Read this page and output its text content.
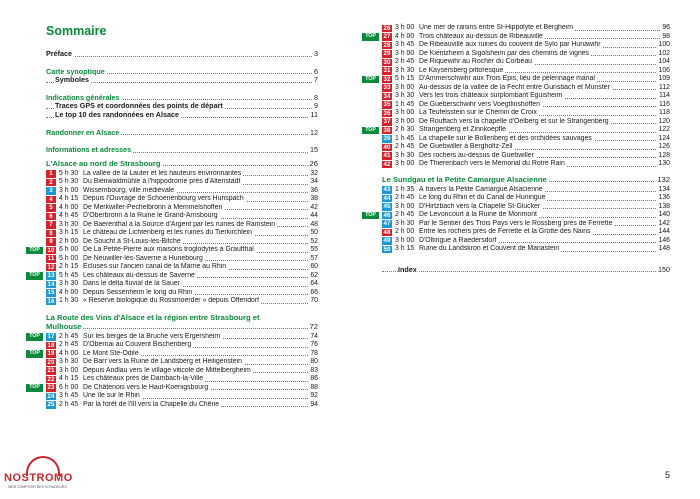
Sommaire
Préface	3
Carte synoptique	6
Symboles	7
Indications générales	8
Traces GPS et coordonnées des points de départ	9
Le top 10 des randonnées en Alsace	11
Randonner en Alsace	12
Informations et adresses	15
L'Alsace au nord de Strasbourg	26
1 5 h 30 La vallée de la Lauter et les hauteurs environnantes	32
2 5 h 30 Du Bienwaldmühle à l'hippodrome près d'Altenstadt	34
3 3 h 00 Wissembourg, ville médiévale	36
4 4 h 15 Depuis l'Ouvrage de Schoenenbourg vers Hunspach	38
5 4 h 00 De Merkwiller-Pechelbronn à Memmelshoffen	42
6 4 h 45 D'Oberbronn à la Ruine le Grand-Arnsbourg	44
7 3 h 30 De Baerenthal à la Source d'Argent par les ruines de Ramstein	48
8 3 h 15 Le château de Lichtenberg et les ruines du Tierkirchlein	50
9 2 h 00 De Soucht à St-Louis-lès-Bitche	52
TOP	10 6 h 00 De La Petite-Pierre aux maisons troglodytes à Graufthal	55
11 5 h 00 De Neuwiller-lès-Saverne à Hunebourg	57
12 2 h 15 Écluses sur l'ancien canal de la Marne au Rhin	60
TOP	13 5 h 45 Les châteaux au-dessus de Saverne	62
14 3 h 30 Dans le delta fluvial de la Sauer	64
15 4 h 00 Depuis Sessenheim le long du Rhin	66
16 1 h 30 « Réserve biologique du Rossmoerder » depuis Offendorf	70
La Route des Vins d'Alsace et la région entre Strasbourg et
Mulhouse	72
TOP	17 2 h 45 Sur les berges de la Bruche vers Ergersheim	74
18 2 h 45 D'Obernai au Couvent Bischenberg	76
TOP	19 4 h 00 Le Mont Ste-Odile	78
20 3 h 30 De Barr vers la Ruine de Landsberg et Heiligenstein	80
21 3 h 00 Depuis Andlau vers le village viticole de Mittelbergheim	83
22 4 h 15 Les châteaux près de Dambach-la-Ville	86
TOP	23 6 h 00 De Châtenois vers le Haut-Koenigsbourg	88
24 3 h 45 Une île sur le Rhin	92
25 2 h 45 Par la forêt de l'Ill vers la Chapelle du Chêne	94
26 3 h 00 Une mer de raisins entre St-Hippolyte et Bergheim	96
TOP	27 4 h 00 Trois châteaux au-dessus de Ribeauvillé	98
28 3 h 45 De Ribeauvillé aux ruines du couvent de Sylo par Hunawihr	100
29 3 h 00 De Kientzheim à Sigolsheim par des chemins de vignes	102
30 2 h 45 De Riquewihr au Rocher du Corbeau	104
31 3 h 30 Le Kaysersberg pittoresque	106
TOP	32 5 h 15 D'Ammerschwihr aux Trois Epis, lieu de pèlerinage marial	109
33 3 h 00 Au-dessus de la vallée de la Fecht entre Gunsbach et Munster	112
34 3 h 30 Vers les trois châteaux surplombant Eguisheim	114
35 1 h 45 De Gueberschwihr vers Voegtlinshoffen	116
36 3 h 00 La Teufelsstein sur le Chemin de Croix	118
37 3 h 00 De Rouffach vers la chapelle d'Oelberg et sur le Strangenberg	120
TOP	38 2 h 30 Strangenberg et Zinnkoepfle	122
39 1 h 45 La chapelle sur le Bollenberg et des orchidées sauvages	124
40 2 h 45 De Guebwiller à Bergholtz-Zell	126
41 3 h 30 Des rochers au-dessus de Guebwiller	128
42 3 h 00 De Thierenbach vers le Mémorial du Rotre Rain	130
Le Sundgau et la Petite Camargue Alsacienne	132
43 1 h 35 À travers la Petite Camargue Alsacienne	134
44 2 h 45 Le long du Rhin et du Canal de Huningue	136
45 3 h 00 D'Hirtzbach vers la Chapelle St-Glucker	138
TOP	46 2 h 45 De Levoncourt à la Ruine de Morimont	140
47 3 h 30 Par le Sentier des Trois Pays vers le Rossberg près de Ferrette	142
48 2 h 00 Entre les rochers près de Ferrette et la Grotte des Nains	144
49 3 h 00 D'Oltingue à Raedersdorf	146
50 3 h 15 Ruine du Landskron et Couvent de Mariastein	148
Index	150
NOSTROMO
WEB COMPTOIR DES VOYAGEURS
5
